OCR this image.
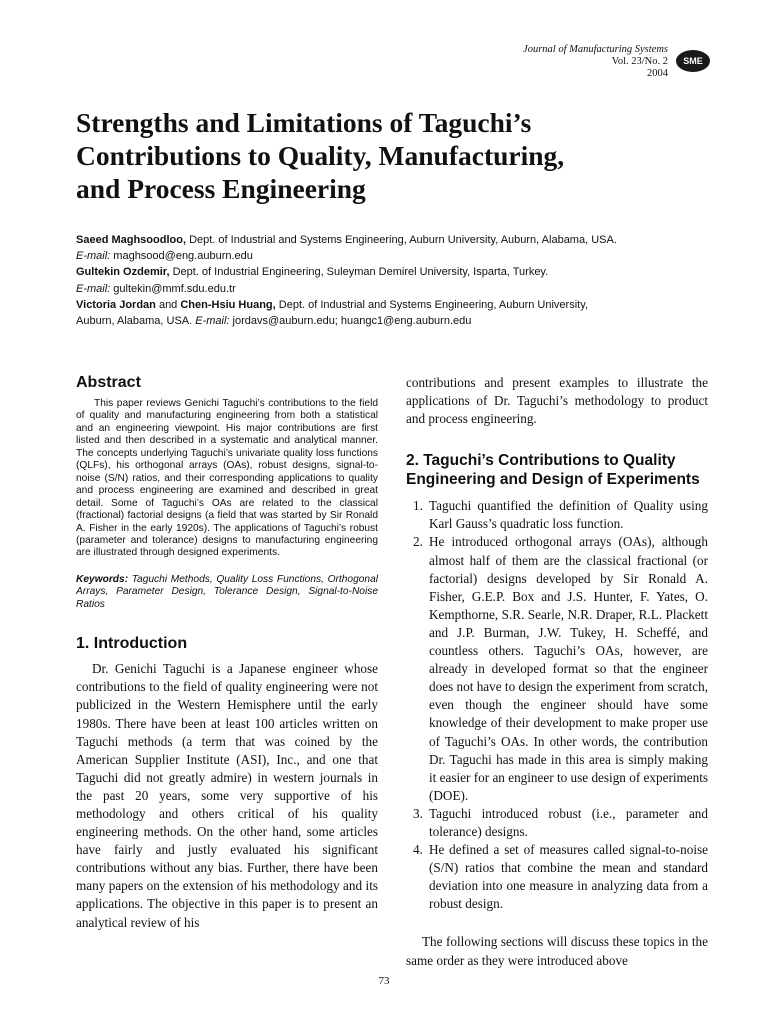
Journal of Manufacturing Systems
Vol. 23/No. 2
2004
SME
Strengths and Limitations of Taguchi’s
Contributions to Quality, Manufacturing,
and Process Engineering
Saeed Maghsoodloo, Dept. of Industrial and Systems Engineering, Auburn University, Auburn, Alabama, USA.
E-mail: maghsood@eng.auburn.edu
Gultekin Ozdemir, Dept. of Industrial Engineering, Suleyman Demirel University, Isparta, Turkey.
E-mail: gultekin@mmf.sdu.edu.tr
Victoria Jordan and Chen-Hsiu Huang, Dept. of Industrial and Systems Engineering, Auburn University,
Auburn, Alabama, USA. E-mail: jordavs@auburn.edu; huangc1@eng.auburn.edu
Abstract

This paper reviews Genichi Taguchi’s contributions to the field of quality and manufacturing engineering from both a statistical and an engineering viewpoint. His major contributions are first listed and then described in a systematic and analytical manner. The concepts underlying Taguchi’s univariate quality loss functions (QLFs), his orthogonal arrays (OAs), robust designs, signal-to-noise (S/N) ratios, and their corresponding applications to quality and process engineering are examined and described in great detail. Some of Taguchi’s OAs are related to the classical (fractional) factorial designs (a field that was started by Sir Ronald A. Fisher in the early 1920s). The applications of Taguchi’s robust (parameter and tolerance) designs to manufacturing engineering are illustrated through designed experiments.

Keywords: Taguchi Methods, Quality Loss Functions, Orthogonal Arrays, Parameter Design, Tolerance Design, Signal-to-Noise Ratios

1. Introduction

Dr. Genichi Taguchi is a Japanese engineer whose contributions to the field of quality engineering were not publicized in the Western Hemisphere until the early 1980s. There have been at least 100 articles written on Taguchi methods (a term that was coined by the American Supplier Institute (ASI), Inc., and one that Taguchi did not greatly admire) in western journals in the past 20 years, some very supportive of his methodology and others critical of his quality engineering methods. On the other hand, some articles have fairly and justly evaluated his significant contributions without any bias. Further, there have been many papers on the extension of his methodology and its applications. The objective in this paper is to present an analytical review of his

contributions and present examples to illustrate the applications of Dr. Taguchi’s methodology to product and process engineering.

2. Taguchi’s Contributions to Quality Engineering and Design of Experiments
1. Taguchi quantified the definition of Quality using Karl Gauss’s quadratic loss function.
2. He introduced orthogonal arrays (OAs), although almost half of them are the classical fractional (or factorial) designs developed by Sir Ronald A. Fisher, G.E.P. Box and J.S. Hunter, F. Yates, O. Kempthorne, S.R. Searle, N.R. Draper, R.L. Plackett and J.P. Burman, J.W. Tukey, H. Scheffé, and countless others. Taguchi’s OAs, however, are already in developed format so that the engineer does not have to design the experiment from scratch, even though the engineer should have some knowledge of their development to make proper use of Taguchi’s OAs. In other words, the contribution Dr. Taguchi has made in this area is simply making it easier for an engineer to use design of experiments (DOE).
3. Taguchi introduced robust (i.e., parameter and tolerance) designs.
4. He defined a set of measures called signal-to-noise (S/N) ratios that combine the mean and standard deviation into one measure in analyzing data from a robust design.

The following sections will discuss these topics in the same order as they were introduced above

73
